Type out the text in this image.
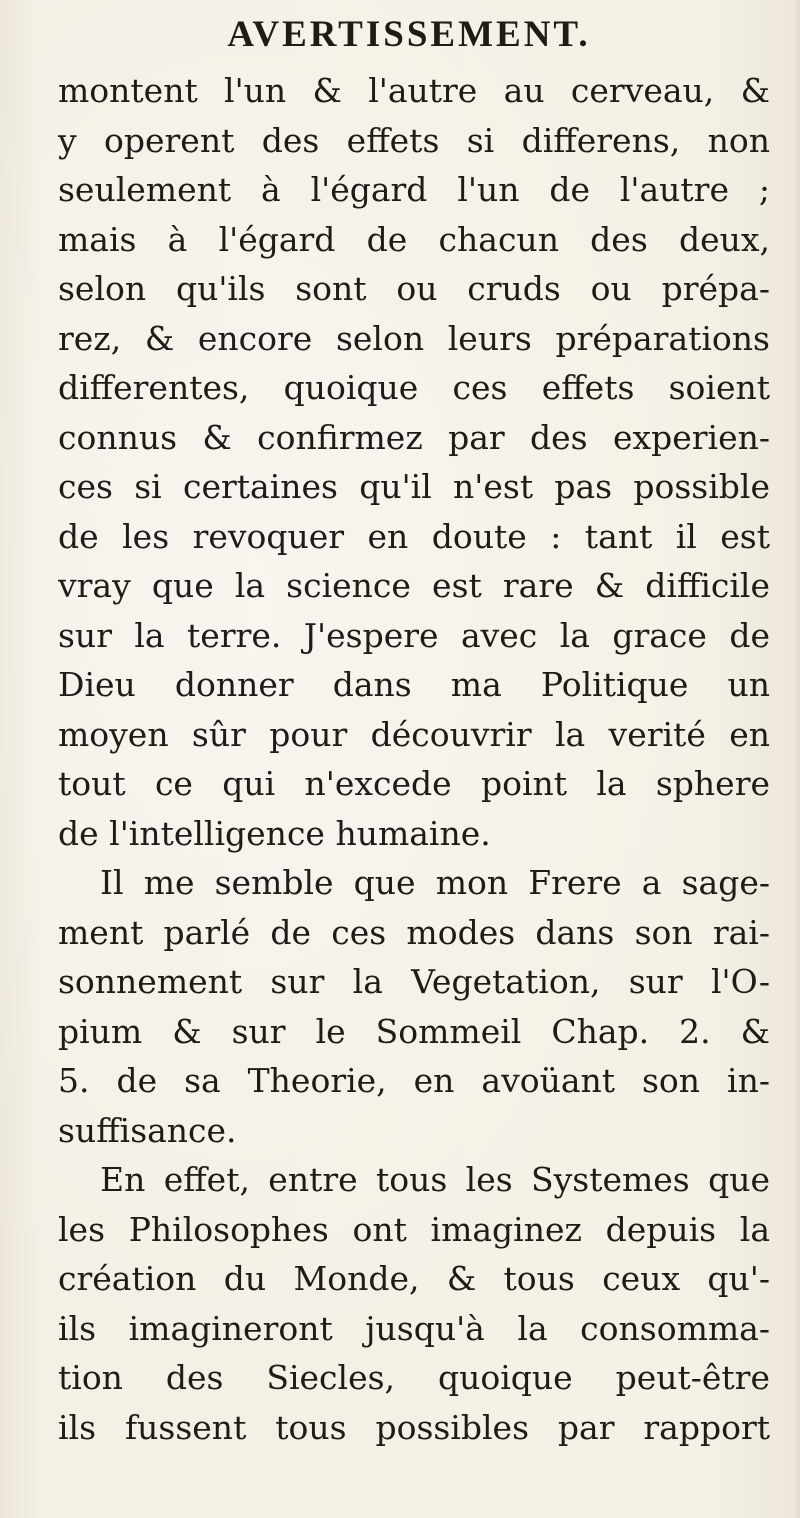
AVERTISSEMENT.
montent l'un & l'autre au cerveau, &
y operent des effets si differens, non
seulement à l'égard l'un de l'autre ;
mais à l'égard de chacun des deux,
selon qu'ils sont ou cruds ou prépa-
rez, & encore selon leurs préparations
differentes, quoique ces effets soient
connus & confirmez par des experien-
ces si certaines qu'il n'est pas possible
de les revoquer en doute : tant il est
vray que la science est rare & difficile
sur la terre. J'espere avec la grace de
Dieu donner dans ma Politique un
moyen sûr pour découvrir la verité en
tout ce qui n'excede point la sphere
de l'intelligence humaine.
Il me semble que mon Frere a sage-
ment parlé de ces modes dans son rai-
sonnement sur la Vegetation, sur l'O-
pium & sur le Sommeil Chap. 2. &
5. de sa Theorie, en avoüant son in-
suffisance.
En effet, entre tous les Systemes que
les Philosophes ont imaginez depuis la
création du Monde, & tous ceux qu'-
ils imagineront jusqu'à la consomma-
tion des Siecles, quoique peut-être
ils fussent tous possibles par rapport
